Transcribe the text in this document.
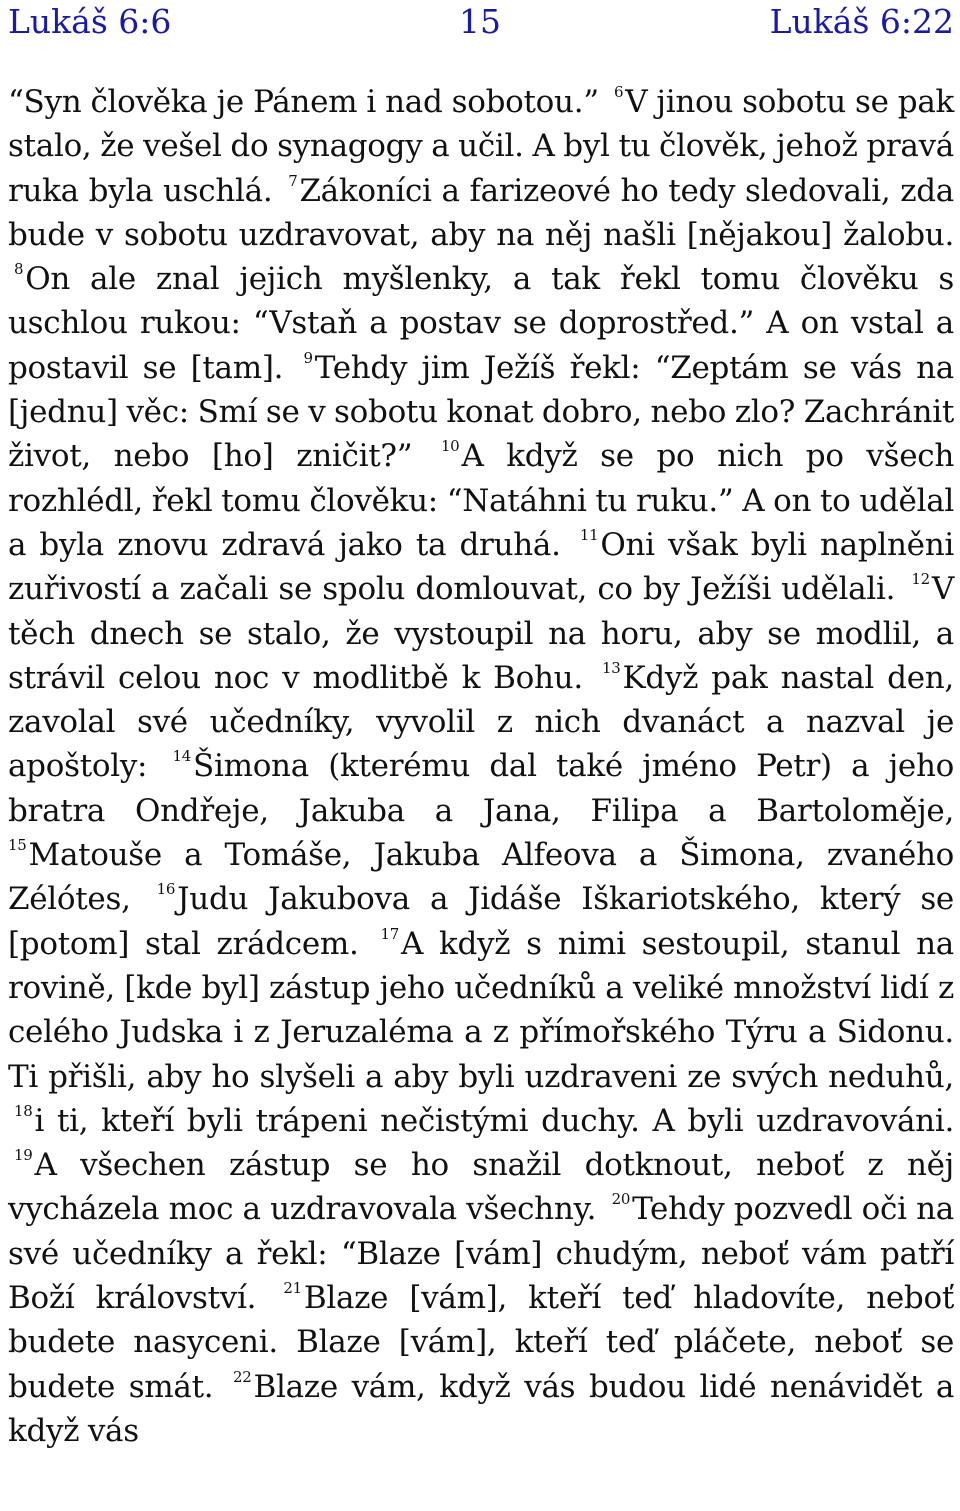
15
Lukáš 6:6	Lukáš 6:22

“Syn člověka je Pánem i nad sobotou.” $^6$V jinou sobotu se pak stalo, že vešel do synagogy a učil. A byl tu člověk, jehož pravá ruka byla uschlá. $^7$Zákoníci a farizeové ho tedy sledovali, zda bude v sobotu uzdravovat, aby na něj našli [nějakou] žalobu. $^8$On ale znal jejich myšlenky, a tak řekl tomu člověku s uschlou rukou: “Vstaň a postav se doprostřed.” A on vstal a postavil se [tam]. $^9$Tehdy jim Ježíš řekl: “Zeptám se vás na [jednu] věc: Smí se v sobotu konat dobro, nebo zlo? Zachránit život, nebo [ho] zničit?” $^{10}$A když se po nich po všech rozhlédl, řekl tomu člověku: “Natáhni tu ruku.” A on to udělal a byla znovu zdravá jako ta druhá. $^{11}$Oni však byli naplněni zuřivostí a začali se spolu domlouvat, co by Ježíši udělali. $^{12}$V těch dnech se stalo, že vystoupil na horu, aby se modlil, a strávil celou noc v modlitbě k Bohu. $^{13}$Když pak nastal den, zavolal své učedníky, vyvolil z nich dvanáct a nazval je apoštoly: $^{14}$Šimona (kterému dal také jméno Petr) a jeho bratra Ondřeje, Jakuba a Jana, Filipa a Bartoloměje, $^{15}$Matouše a Tomáše, Jakuba Alfeova a Šimona, zvaného Zélótes, $^{16}$Judu Jakubova a Jidáše Iškariotského, který se [potom] stal zrádcem. $^{17}$A když s nimi sestoupil, stanul na rovině, [kde byl] zástup jeho učedníků a veliké množství lidí z celého Judska i z Jeruzaléma a z přímořského Týru a Sidonu. Ti přišli, aby ho slyšeli a aby byli uzdraveni ze svých neduhů, $^{18}$i ti, kteří byli trápeni nečistými duchy. A byli uzdravováni. $^{19}$A všechen zástup se ho snažil dotknout, neboť z něj vycházela moc a uzdravovala všechny. $^{20}$Tehdy pozvedl oči na své učedníky a řekl: “Blaze [vám] chudým, neboť vám patří Boží království. $^{21}$Blaze [vám], kteří teď hladovíte, neboť budete nasyceni. Blaze [vám], kteří teď pláčete, neboť se budete smát. $^{22}$Blaze vám, když vás budou lidé nenávidět a když vás
